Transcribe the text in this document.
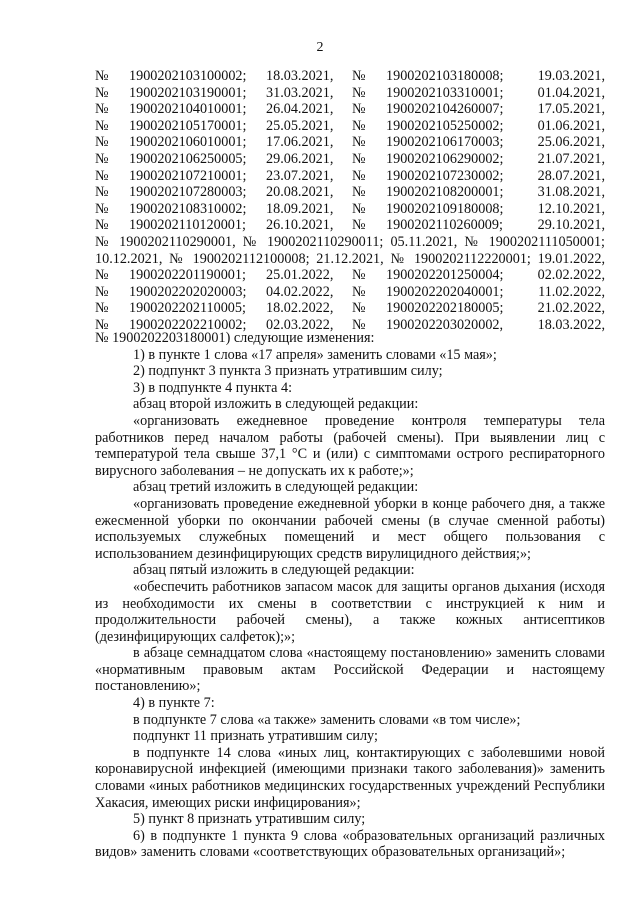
2
№	1900202103100002;	18.03.2021,	№	1900202103180008;	19.03.2021,
№	1900202103190001;	31.03.2021,	№	1900202103310001;	01.04.2021,
№	1900202104010001;	26.04.2021,	№	1900202104260007;	17.05.2021,
№	1900202105170001;	25.05.2021,	№	1900202105250002;	01.06.2021,
№	1900202106010001;	17.06.2021,	№	1900202106170003;	25.06.2021,
№	1900202106250005;	29.06.2021,	№	1900202106290002;	21.07.2021,
№	1900202107210001;	23.07.2021,	№	1900202107230002;	28.07.2021,
№	1900202107280003;	20.08.2021,	№	1900202108200001;	31.08.2021,
№	1900202108310002;	18.09.2021,	№	1900202109180008;	12.10.2021,
№	1900202110120001;	26.10.2021,	№	1900202110260009;	29.10.2021,
№ 1900202110290001, № 1900202110290011; 05.11.2021, № 1900202111050001;
10.12.2021, № 1900202112100008; 21.12.2021, № 1900202112220001; 19.01.2022,
№	1900202201190001;	25.01.2022,	№	1900202201250004;	02.02.2022,
№	1900202202020003;	04.02.2022,	№	1900202202040001;	11.02.2022,
№	1900202202110005;	18.02.2022,	№	1900202202180005;	21.02.2022,
№	1900202202210002;	02.03.2022,	№	1900202203020002,	18.03.2022,

№ 1900202203180001) следующие изменения:

1) в пункте 1 слова «17 апреля» заменить словами «15 мая»;

2) подпункт 3 пункта 3 признать утратившим силу;

3) в подпункте 4 пункта 4:

абзац второй изложить в следующей редакции:

«организовать ежедневное проведение контроля температуры тела работников перед началом работы (рабочей смены). При выявлении лиц с температурой тела свыше 37,1 °С и (или) с симптомами острого респираторного вирусного заболевания – не допускать их к работе;»;

абзац третий изложить в следующей редакции:

«организовать проведение ежедневной уборки в конце рабочего дня, а также ежесменной уборки по окончании рабочей смены (в случае сменной работы) используемых служебных помещений и мест общего пользования с использованием дезинфицирующих средств вирулицидного действия;»;

абзац пятый изложить в следующей редакции:

«обеспечить работников запасом масок для защиты органов дыхания (исходя из необходимости их смены в соответствии с инструкцией к ним и продолжительности рабочей смены), а также кожных антисептиков (дезинфицирующих салфеток);»;

в абзаце семнадцатом слова «настоящему постановлению» заменить словами «нормативным правовым актам Российской Федерации и настоящему постановлению»;

4) в пункте 7:

в подпункте 7 слова «а также» заменить словами «в том числе»;

подпункт 11 признать утратившим силу;

в подпункте 14 слова «иных лиц, контактирующих с заболевшими новой коронавирусной инфекцией (имеющими признаки такого заболевания)» заменить словами «иных работников медицинских государственных учреждений Республики Хакасия, имеющих риски инфицирования»;

5) пункт 8 признать утратившим силу;

6) в подпункте 1 пункта 9 слова «образовательных организаций различных видов» заменить словами «соответствующих образовательных организаций»;
